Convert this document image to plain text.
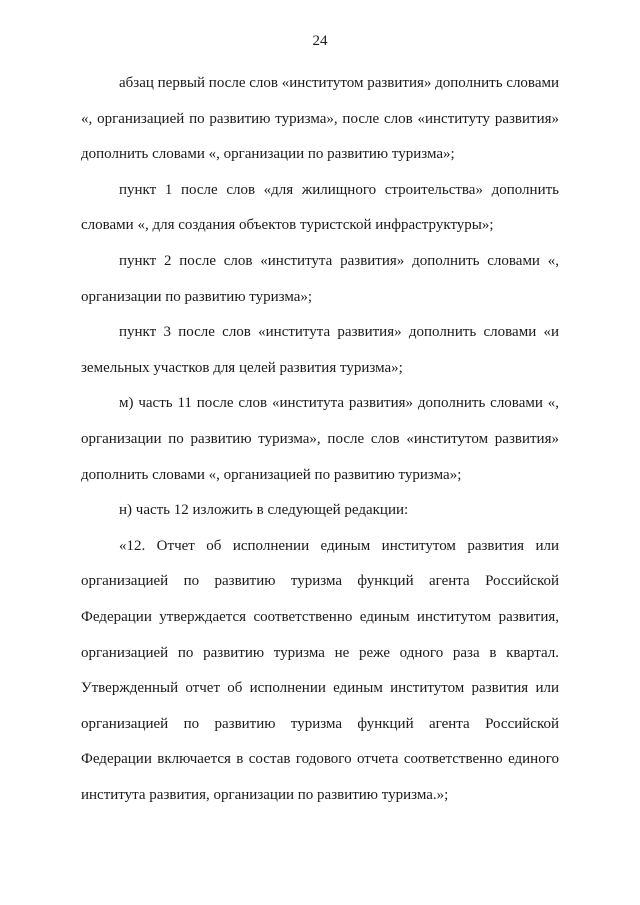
24

абзац первый после слов «институтом развития» дополнить словами «, организацией по развитию туризма», после слов «институту развития» дополнить словами «, организации по развитию туризма»;

пункт 1 после слов «для жилищного строительства» дополнить словами «, для создания объектов туристской инфраструктуры»;

пункт 2 после слов «института развития» дополнить словами «, организации по развитию туризма»;

пункт 3 после слов «института развития» дополнить словами «и земельных участков для целей развития туризма»;

м) часть 11 после слов «института развития» дополнить словами «, организации по развитию туризма», после слов «институтом развития» дополнить словами «, организацией по развитию туризма»;

н) часть 12 изложить в следующей редакции:

«12. Отчет об исполнении единым институтом развития или организацией по развитию туризма функций агента Российской Федерации утверждается соответственно единым институтом развития, организацией по развитию туризма не реже одного раза в квартал. Утвержденный отчет об исполнении единым институтом развития или организацией по развитию туризма функций агента Российской Федерации включается в состав годового отчета соответственно единого института развития, организации по развитию туризма.»;
